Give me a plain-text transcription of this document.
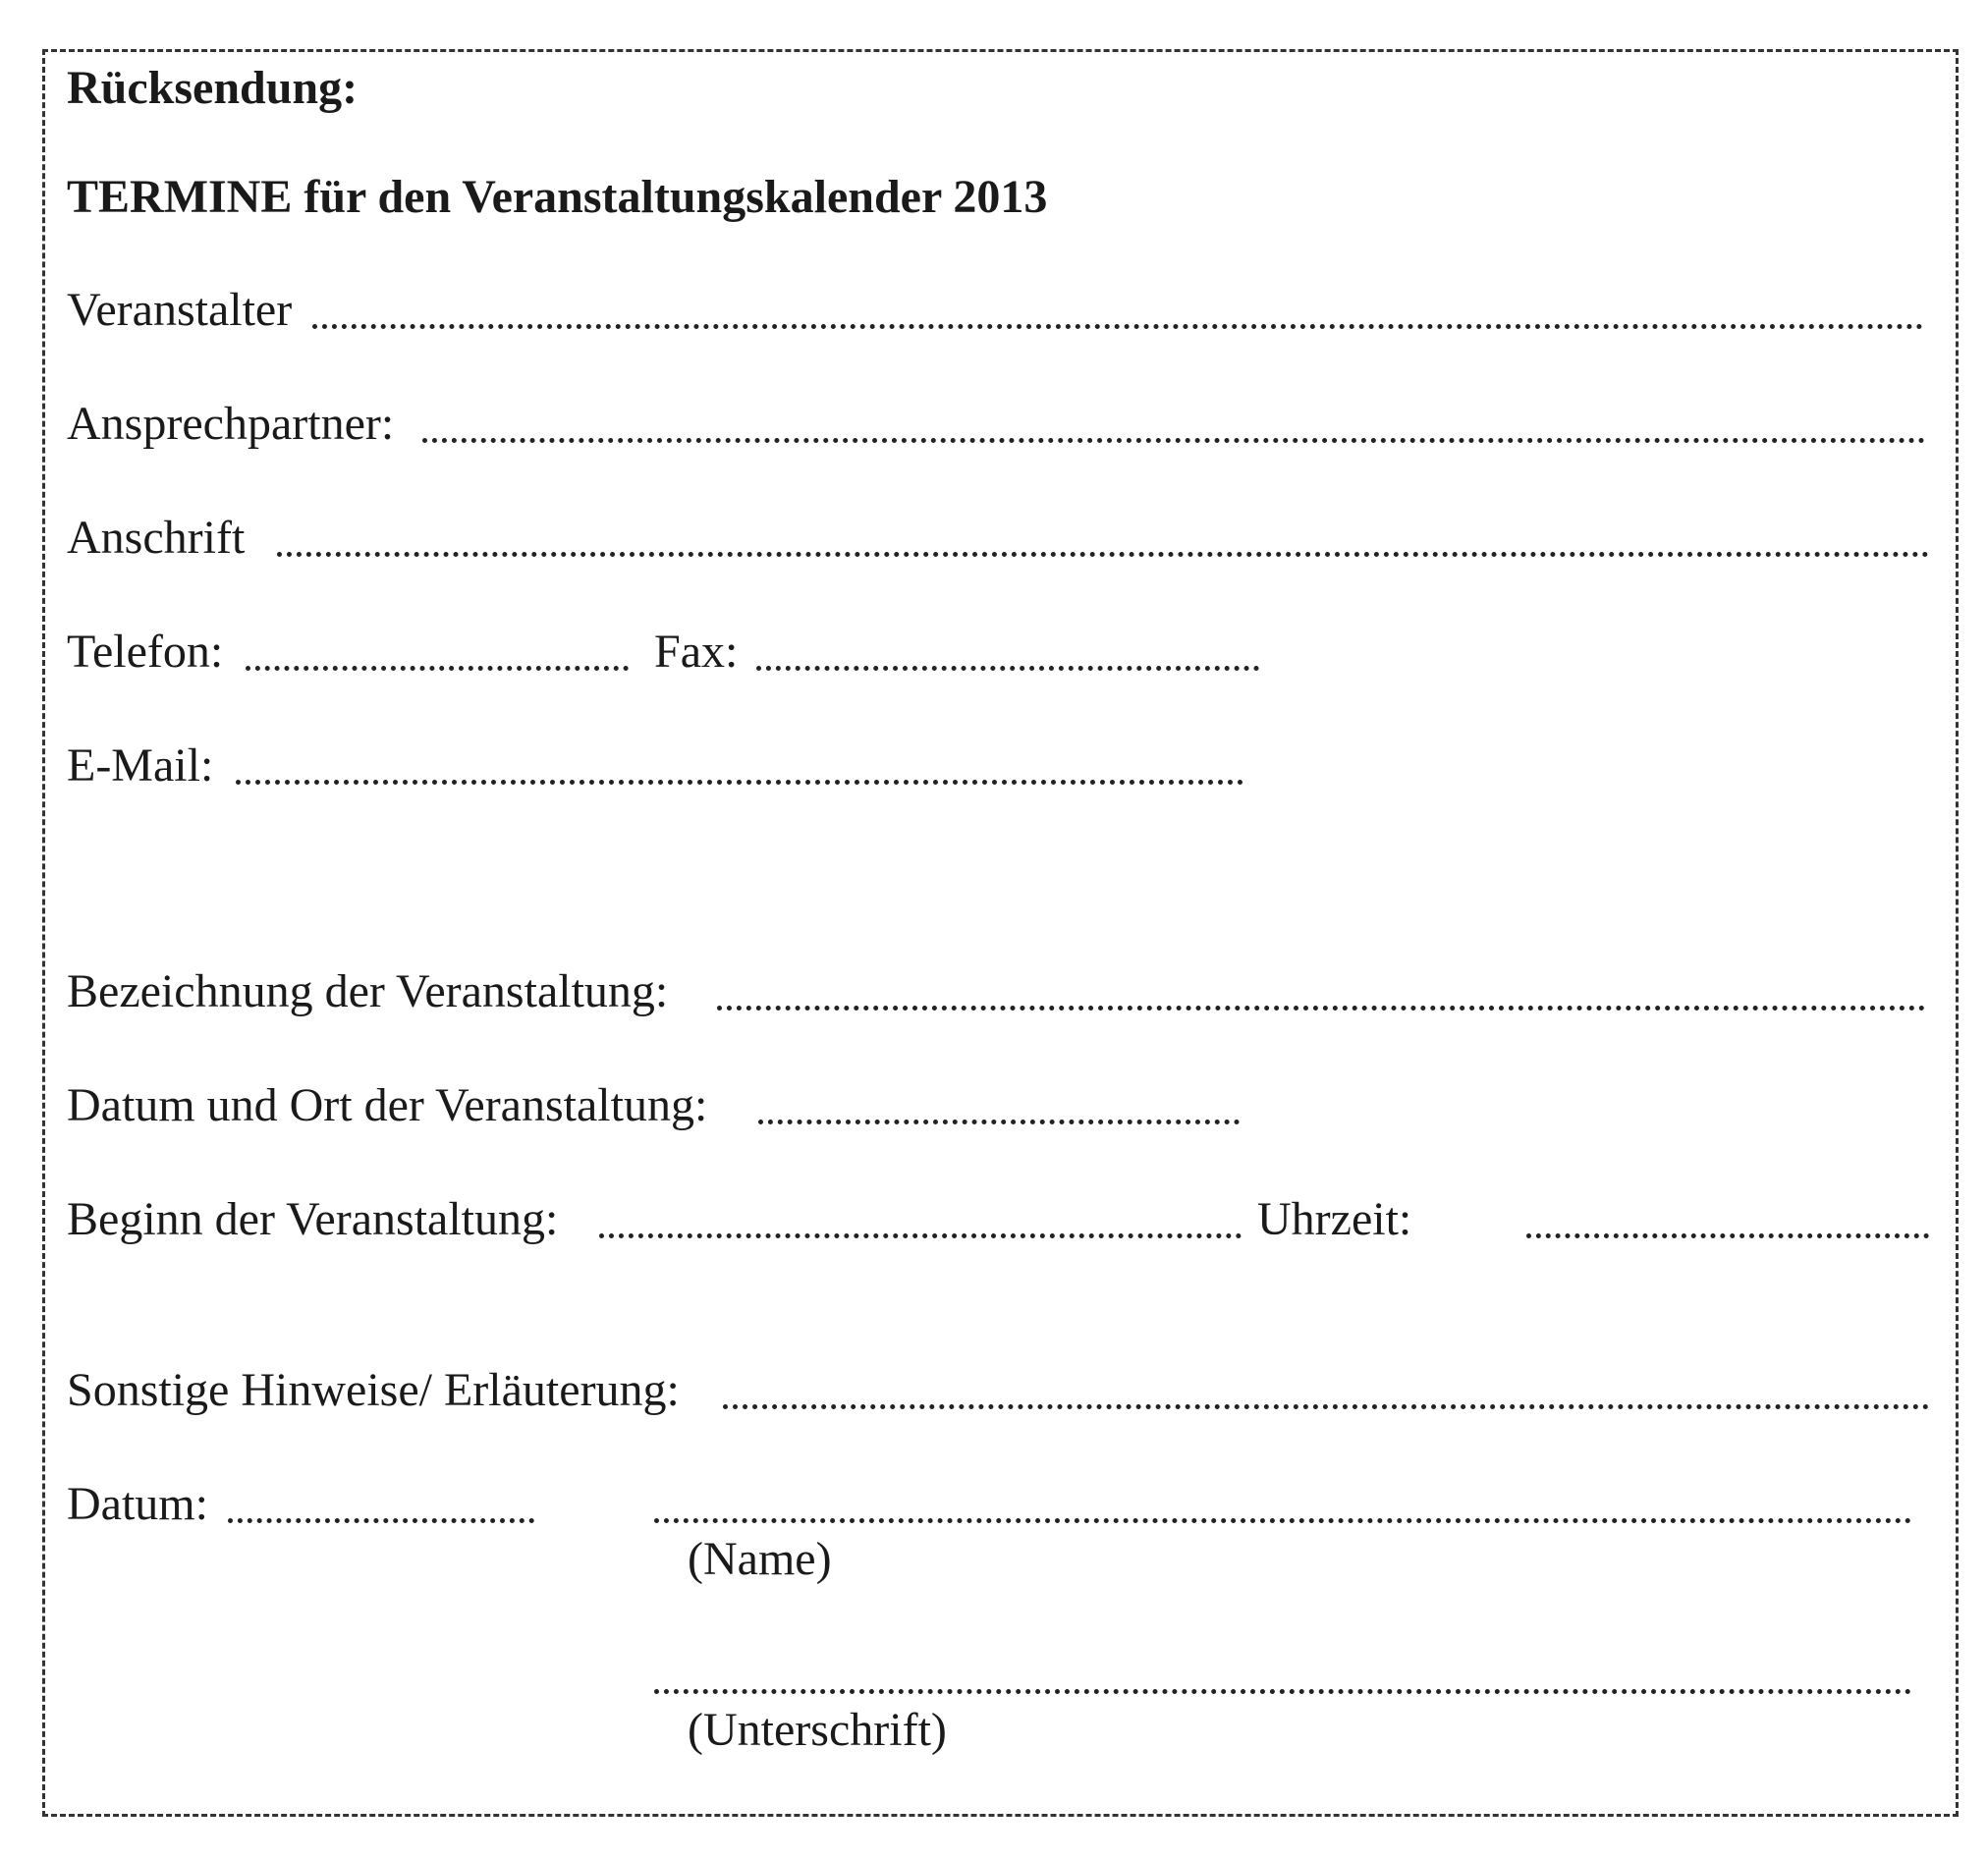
Rücksendung:
TERMINE für den Veranstaltungskalender 2013
Veranstalter
Ansprechpartner:
Anschrift
Telefon:	Fax:
E-Mail:
Bezeichnung der Veranstaltung:
Datum und Ort der Veranstaltung:
Beginn der Veranstaltung:	Uhrzeit:
Sonstige Hinweise/ Erläuterung:
Datum:
(Name)
(Unterschrift)
